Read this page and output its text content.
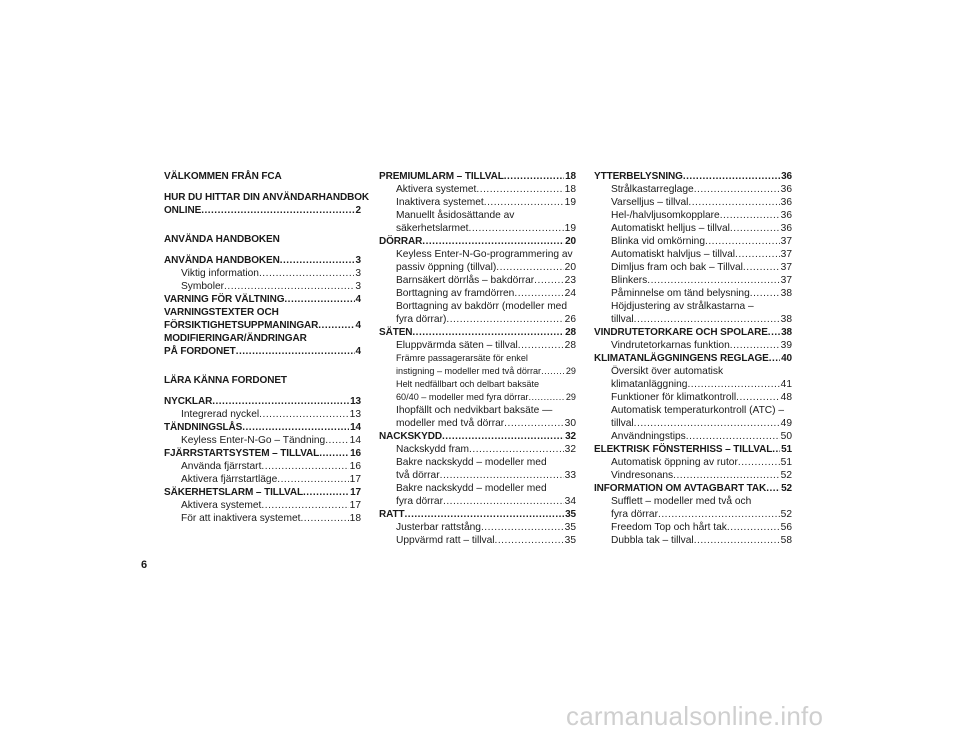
VÄLKOMMEN FRÅN FCA
HUR DU HITTAR DIN ANVÄNDARHANDBOK
ONLINE .....	2
ANVÄNDA HANDBOKEN
ANVÄNDA HANDBOKEN .....	3
Viktig information .....	3
Symboler .....	3
VARNING FÖR VÄLTNING .....	4
VARNINGSTEXTER OCH
FÖRSIKTIGHETSUPPMANINGAR .....	4
MODIFIERINGAR/ÄNDRINGAR
PÅ FORDONET .....	4
LÄRA KÄNNA FORDONET
NYCKLAR .....	13
Integrerad nyckel .....	13
TÄNDNINGSLÅS .....	14
Keyless Enter-N-Go – Tändning ..... 14
FJÄRRSTARTSYSTEM – TILLVAL .....	16
Använda fjärrstart .....	16
Aktivera fjärrstartläge .....	17
SÄKERHETSLARM – TILLVAL .....	17
Aktivera systemet .....	17
För att inaktivera systemet .....	18
PREMIUMLARM – TILLVAL .....	18
Aktivera systemet .....	18
Inaktivera systemet .....	19
Manuellt åsidosättande av
säkerhetslarmet .....	19
DÖRRAR .....	20
Keyless Enter-N-Go-programmering av
passiv öppning (tillval) .....	20
Barnsäkert dörrlås – bakdörrar .....	23
Borttagning av framdörren .....	24
Borttagning av bakdörr (modeller med
fyra dörrar) .....	26
SÄTEN .....	28
Eluppvärmda säten – tillval .....	28
Främre passagerarsäte för enkel
instigning – modeller med två dörrar .....	29
Helt nedfällbart och delbart baksäte
60/40 – modeller med fyra dörrar .....	29
Ihopfällt och nedvikbart baksäte —
modeller med två dörrar .....	30
NACKSKYDD .....	32
Nackskydd fram .....	32
Bakre nackskydd – modeller med
två dörrar .....	33
Bakre nackskydd – modeller med
fyra dörrar .....	34
RATT .....	35
Justerbar rattstång .....	35
Uppvärmd ratt – tillval .....	35
YTTERBELYSNING .....	36
Strålkastarreglage .....	36
Varselljus – tillval .....	36
Hel-/halvljusomkopplare .....	36
Automatiskt helljus – tillval .....	36
Blinka vid omkörning .....	37
Automatiskt halvljus – tillval .....	37
Dimljus fram och bak – Tillval .....	37
Blinkers .....	37
Påminnelse om tänd belysning .....	38
Höjdjustering av strålkastarna –
tillval .....	38
VINDRUTETORKARE OCH SPOLARE ..... 38
Vindrutetorkarnas funktion .....	39
KLIMATANLÄGGNINGENS REGLAGE ..... 40
Översikt över automatisk
klimatanläggning .....	41
Funktioner för klimatkontroll .....	48
Automatisk temperaturkontroll (ATC) –
tillval .....	49
Användningstips .....	50
ELEKTRISK FÖNSTERHISS – TILLVAL ..... 51
Automatisk öppning av rutor .....	51
Vindresonans .....	52
INFORMATION OM AVTAGBART TAK ..... 52
Sufflett – modeller med två och
fyra dörrar .....	52
Freedom Top och hårt tak .....	56
Dubbla tak – tillval .....	58
6
carmanualsonline.info
